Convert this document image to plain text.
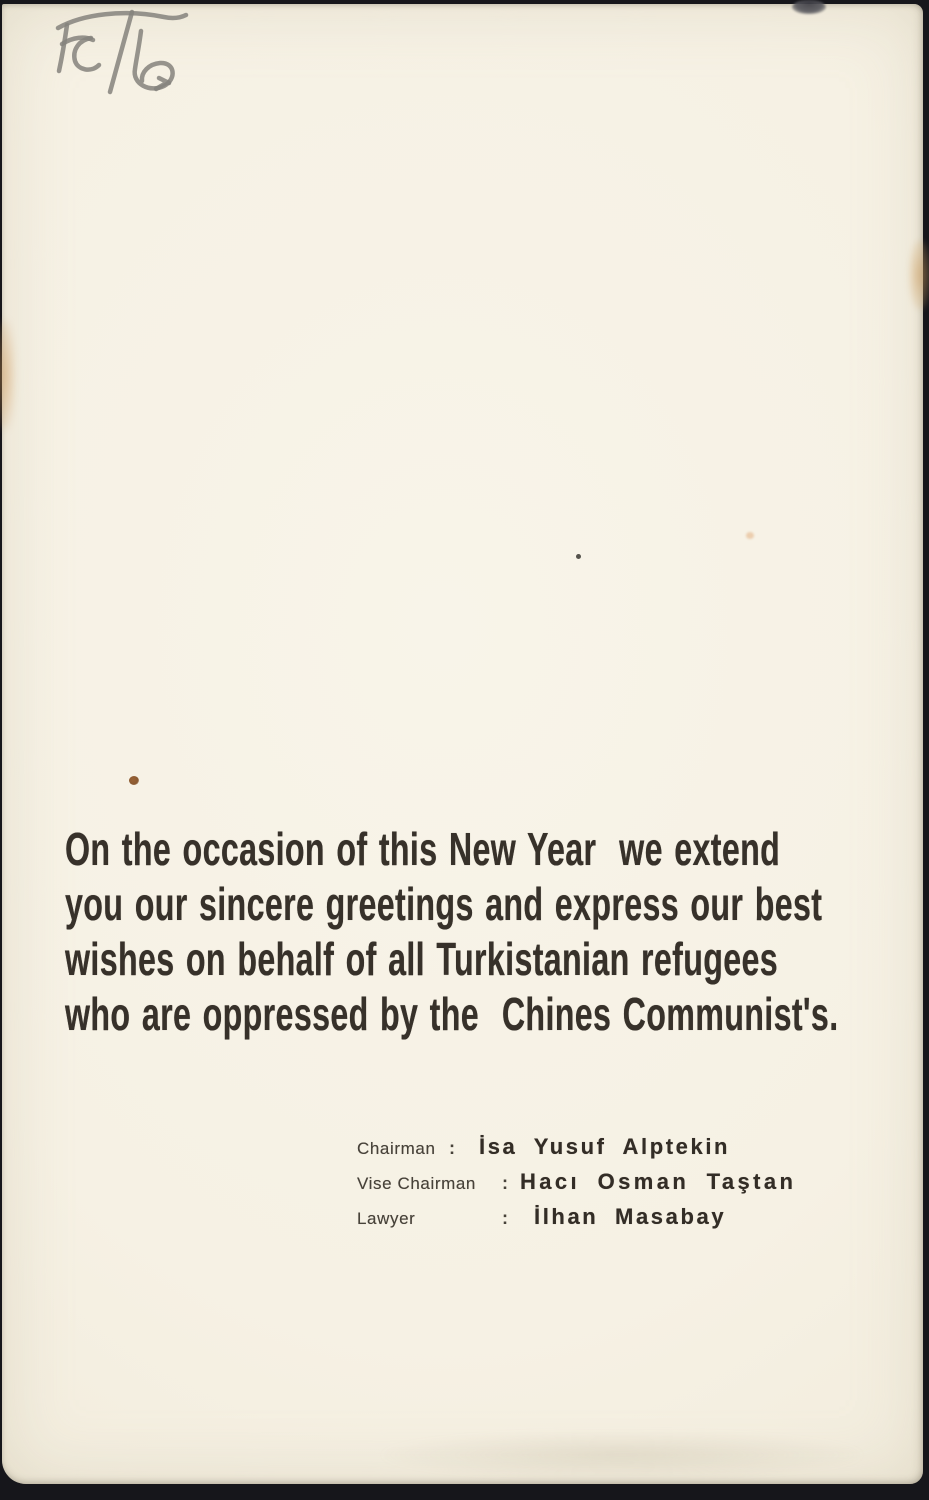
On the occasion of this New Year  we extend
you our sincere greetings and express our best
wishes on behalf of all Turkistanian refugees
who are oppressed by the  Chines Communist's.
Chairman : İsa Yusuf Alptekin
Vise Chairman	: Hacı Osman Taştan
Lawyer	: İlhan Masabay
